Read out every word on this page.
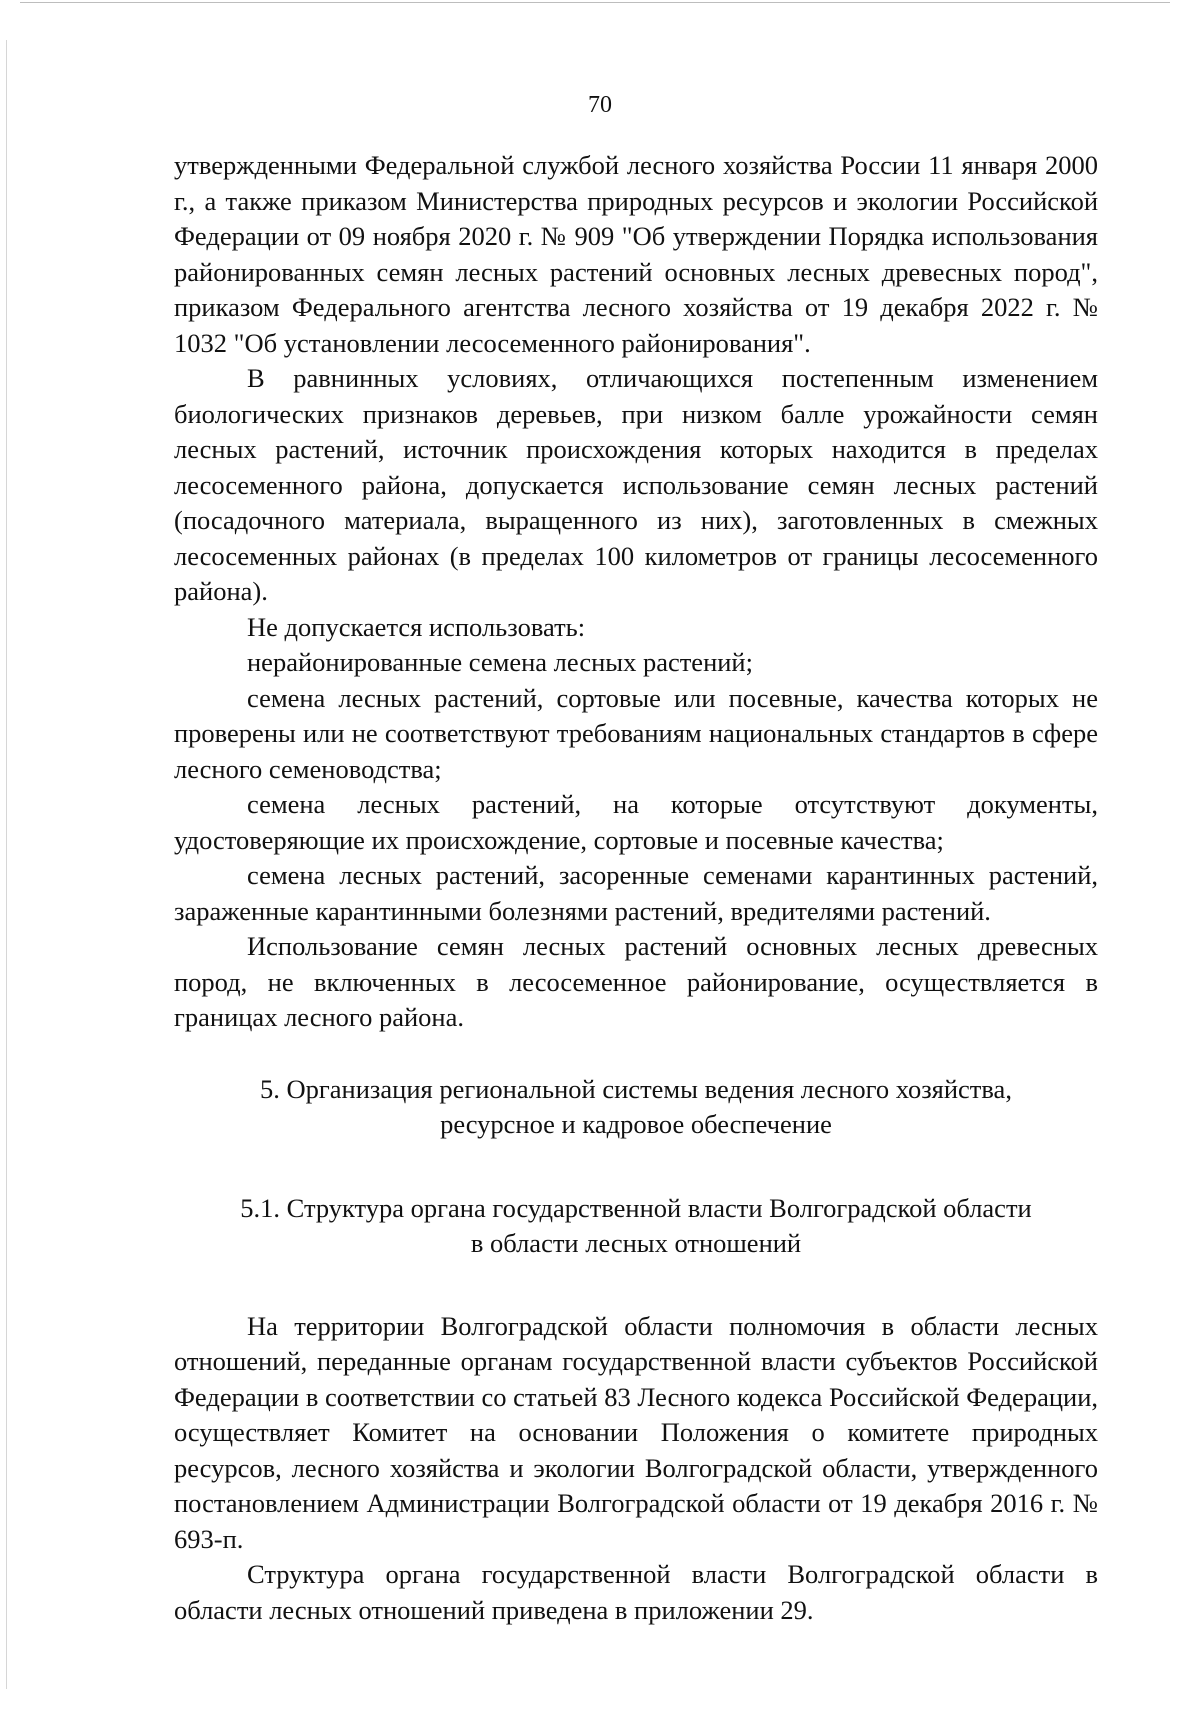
70

утвержденными Федеральной службой лесного хозяйства России 11 января 2000 г., а также приказом Министерства природных ресурсов и экологии Российской Федерации от 09 ноября 2020 г. № 909 "Об утверждении Порядка использования районированных семян лесных растений основных лесных древесных пород", приказом Федерального агентства лесного хозяйства от 19 декабря 2022 г. № 1032 "Об установлении лесосеменного районирования".

В равнинных условиях, отличающихся постепенным изменением биологических признаков деревьев, при низком балле урожайности семян лесных растений, источник происхождения которых находится в пределах лесосеменного района, допускается использование семян лесных растений (посадочного материала, выращенного из них), заготовленных в смежных лесосеменных районах (в пределах 100 километров от границы лесосеменного района).

Не допускается использовать:

нерайонированные семена лесных растений;

семена лесных растений, сортовые или посевные, качества которых не проверены или не соответствуют требованиям национальных стандартов в сфере лесного семеноводства;

семена лесных растений, на которые отсутствуют документы, удостоверяющие их происхождение, сортовые и посевные качества;

семена лесных растений, засоренные семенами карантинных растений, зараженные карантинными болезнями растений, вредителями растений.

Использование семян лесных растений основных лесных древесных пород, не включенных в лесосеменное районирование, осуществляется в границах лесного района.

5. Организация региональной системы ведения лесного хозяйства,
ресурсное и кадровое обеспечение
5.1. Структура органа государственной власти Волгоградской области
в области лесных отношений

На территории Волгоградской области полномочия в области лесных отношений, переданные органам государственной власти субъектов Российской Федерации в соответствии со статьей 83 Лесного кодекса Российской Федерации, осуществляет Комитет на основании Положения о комитете природных ресурсов, лесного хозяйства и экологии Волгоградской области, утвержденного постановлением Администрации Волгоградской области от 19 декабря 2016 г. № 693-п.

Структура органа государственной власти Волгоградской области в области лесных отношений приведена в приложении 29.
